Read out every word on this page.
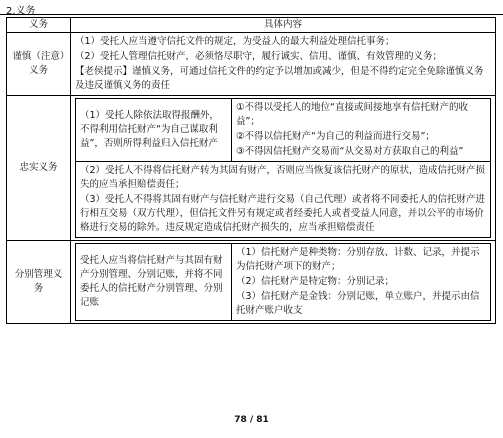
2.义务
义务	具体内容
谨慎（注意）义务	
（1）受托人应当遵守信托文件的规定，为受益人的最大利益处理信托事务；
（2）受托人管理信托财产，必须恪尽职守，履行诚实、信用、谨慎、有效管理的义务；
【老侯提示】谨慎义务，可通过信托文件的约定予以增加或减少，但是不得约定完全免除谨慎义务及违反谨慎义务的责任

忠实义务	
（1）受托人除依法取得报酬外，不得利用信托财产“为自己谋取利益”，否则所得利益归入信托财产	
①不得以受托人的地位“直接或间接地享有信托财产的收益”；
②不得以信托财产“为自己的利益而进行交易”；
③不得因信托财产交易而“从交易对方获取自己的利益”

（2）受托人不得将信托财产转为其固有财产，否则应当恢复该信托财产的原状，造成信托财产损失的应当承担赔偿责任；
（3）受托人不得将其固有财产与信托财产进行交易（自己代理）或者将不同委托人的信托财产进行相互交易（双方代理），但信托文件另有规定或者经委托人或者受益人同意，并以公平的市场价格进行交易的除外。违反规定造成信托财产损失的，应当承担赔偿责任

分别管理义务	
受托人应当将信托财产与其固有财产分别管理、分别记账，并将不同委托人的信托财产分别管理、分别记账	
（1）信托财产是种类物：分别存放、计数、记录，并提示为信托财产项下的财产；
（2）信托财产是特定物：分别记录；
（3）信托财产是金钱：分别记账，单立账户，并提示由信托财产账户收支
78 / 81
